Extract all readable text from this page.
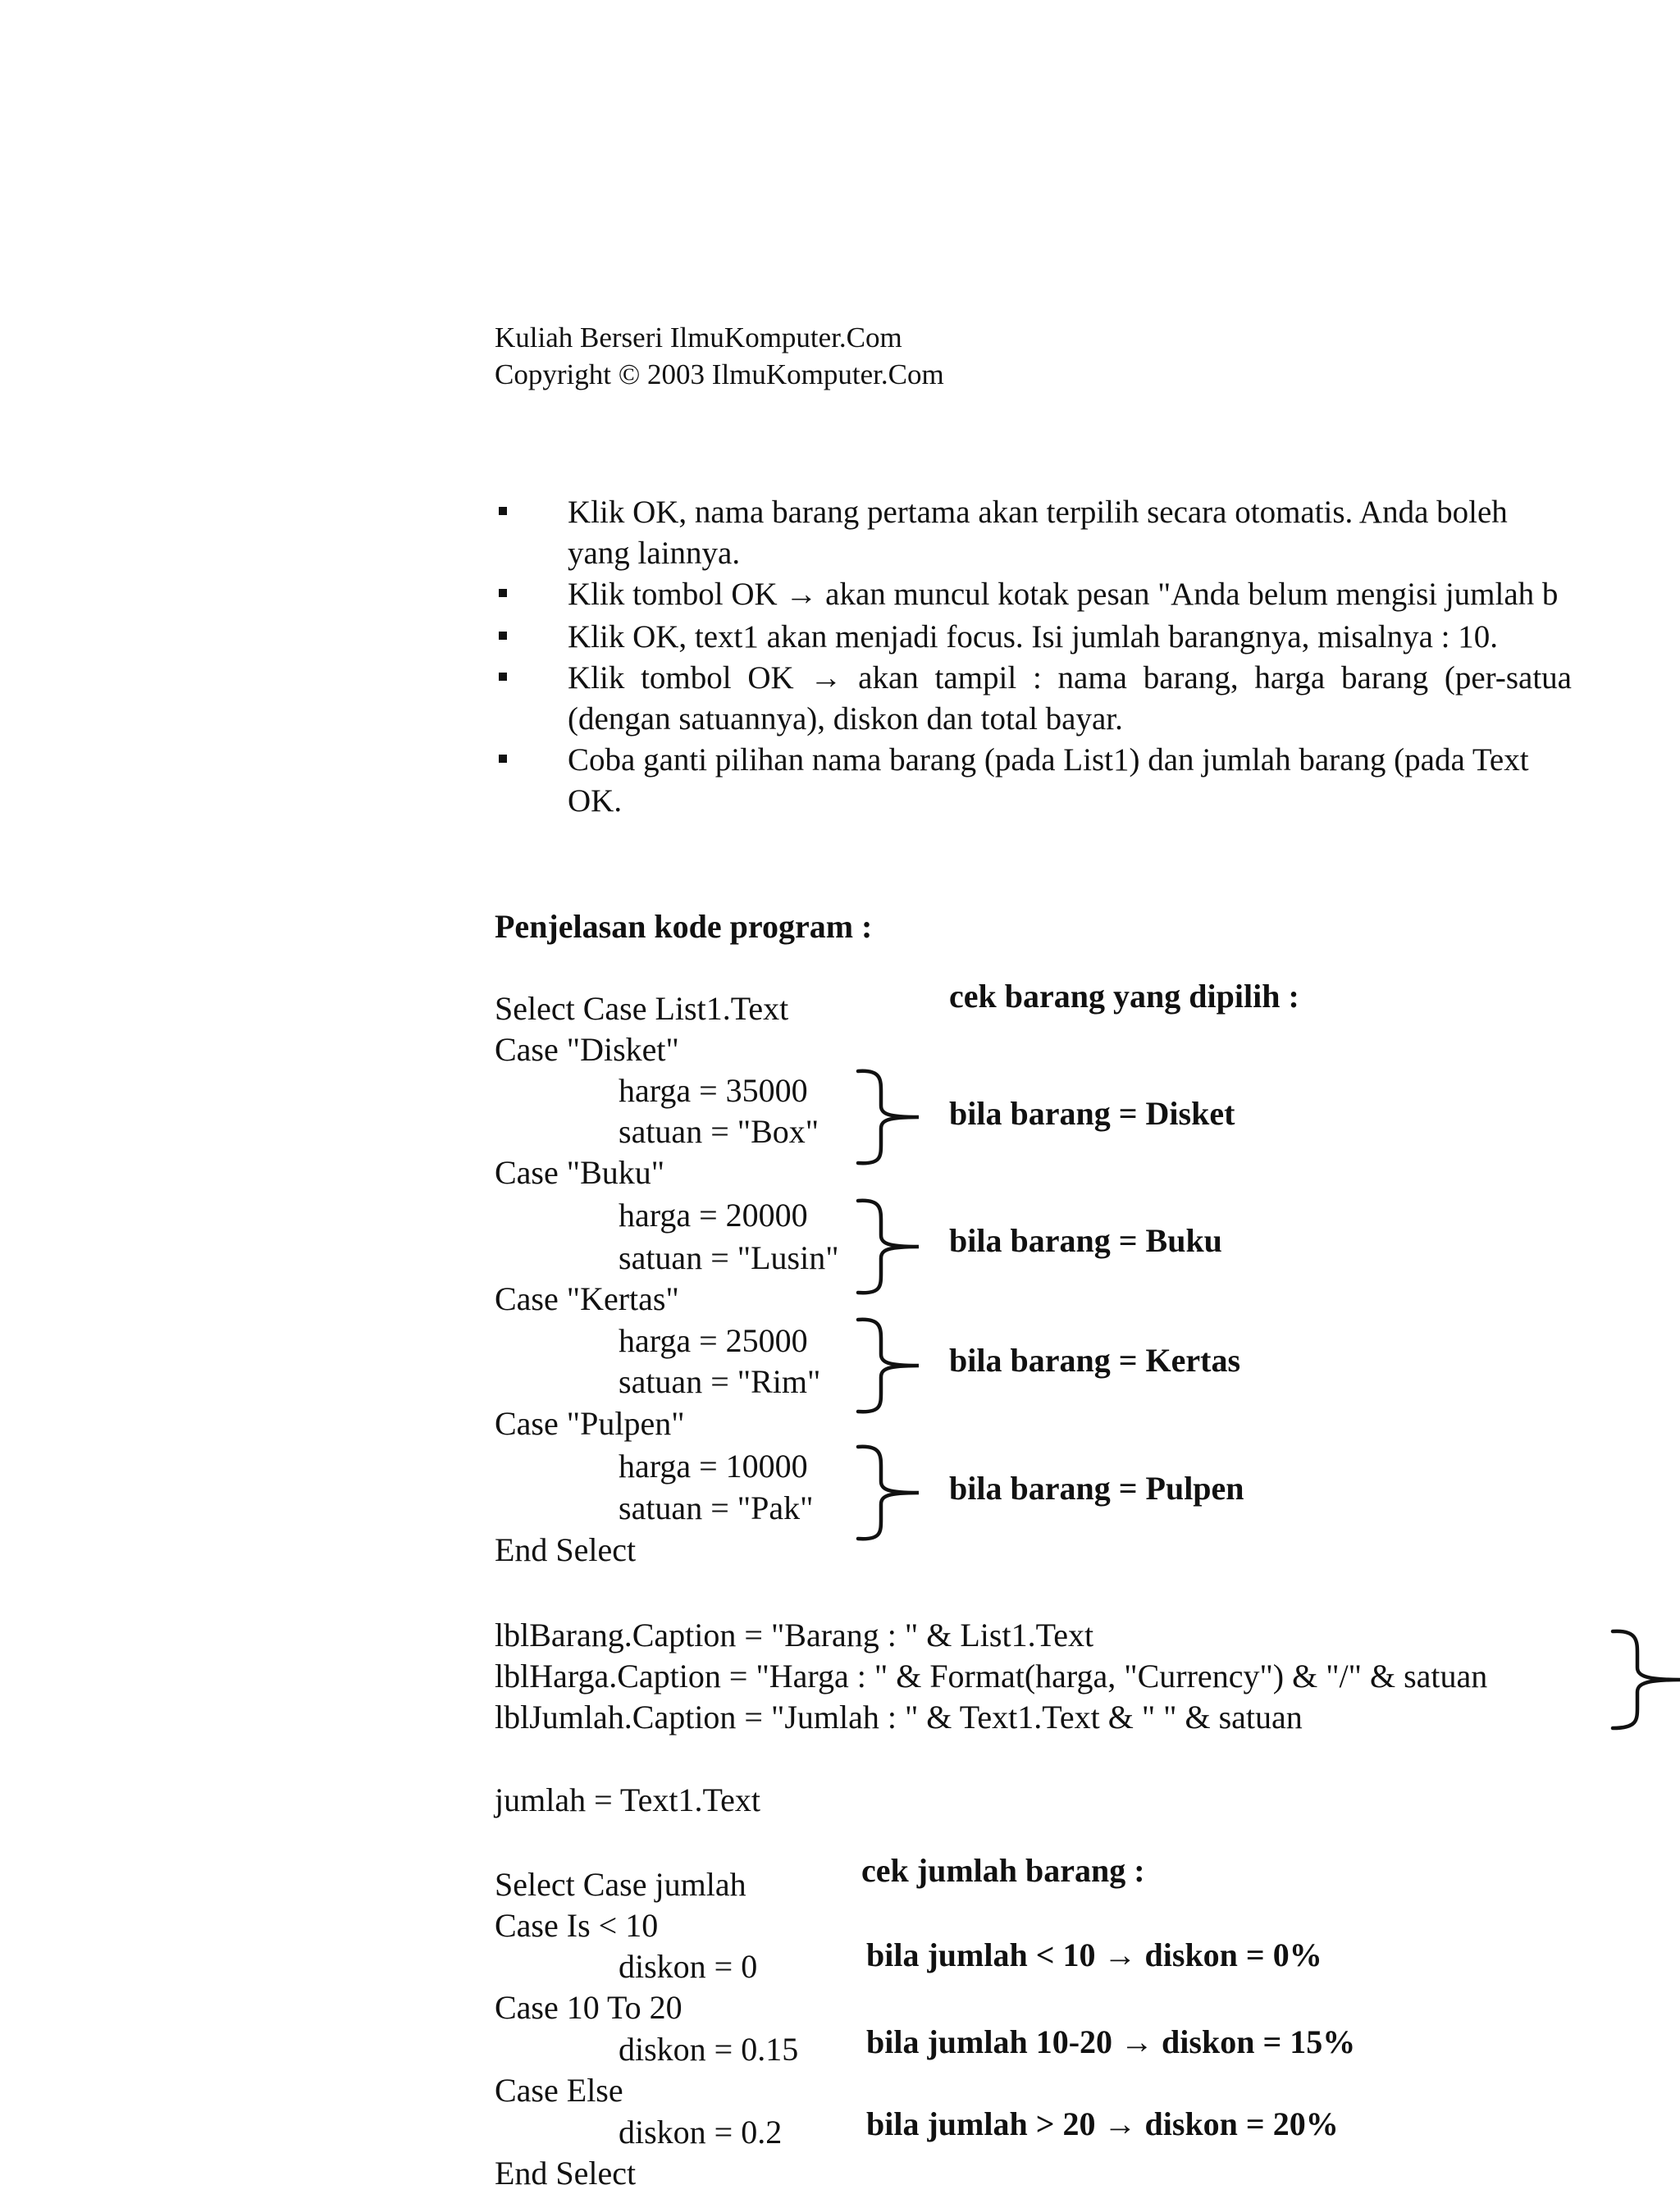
Kuliah Berseri IlmuKomputer.Com
Copyright © 2003 IlmuKomputer.Com
Klik OK, nama barang pertama akan terpilih secara otomatis. Anda boleh
yang lainnya.
Klik tombol OK → akan muncul kotak pesan "Anda belum mengisi jumlah b
Klik OK, text1 akan menjadi focus. Isi jumlah barangnya, misalnya : 10.
Klik tombol OK → akan tampil : nama barang, harga barang (per-satua
(dengan satuannya), diskon dan total bayar.
Coba ganti pilihan nama barang (pada List1) dan jumlah barang (pada Text
OK.
Penjelasan kode program :
Select Case List1.Text
Case "Disket"
harga = 35000
satuan = "Box"
Case "Buku"
harga = 20000
satuan = "Lusin"
Case "Kertas"
harga = 25000
satuan = "Rim"
Case "Pulpen"
harga = 10000
satuan = "Pak"
End Select
cek barang yang dipilih :
bila barang = Disket
bila barang = Buku
bila barang = Kertas
bila barang = Pulpen
lblBarang.Caption = "Barang : " & List1.Text
lblHarga.Caption = "Harga : " & Format(harga, "Currency") & "/" & satuan
lblJumlah.Caption = "Jumlah : " & Text1.Text & " " & satuan
jumlah = Text1.Text
Select Case jumlah
Case Is < 10
diskon = 0
Case 10 To 20
diskon = 0.15
Case Else
diskon = 0.2
End Select
cek jumlah barang :
bila jumlah < 10 → diskon = 0%
bila jumlah 10-20 → diskon = 15%
bila jumlah > 20 → diskon = 20%
